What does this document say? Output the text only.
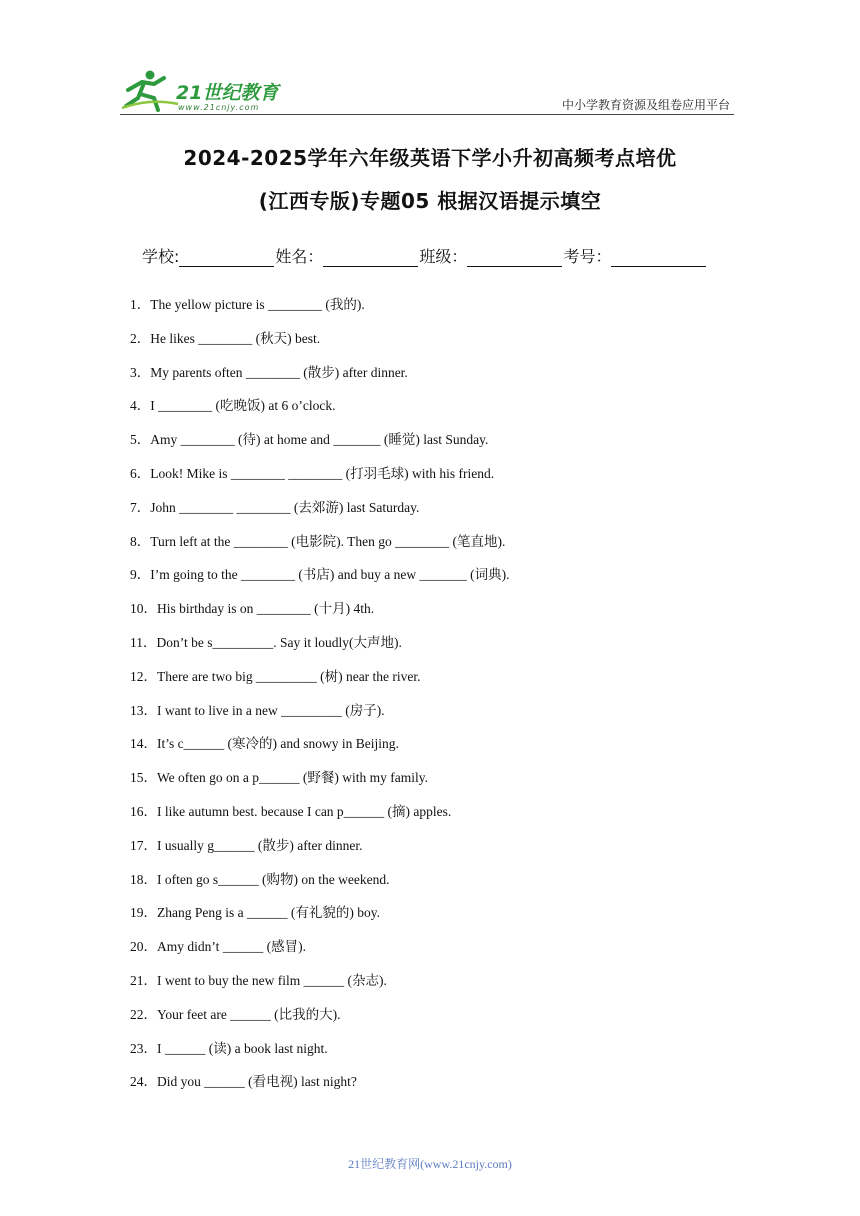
21世纪教育
www.21cnjy.com	中小学教育资源及组卷应用平台
2024-2025学年六年级英语下学小升初高频考点培优
(江西专版)专题05 根据汉语提示填空
学校:	姓名：	班级：	考号：
1．The yellow picture is ________ (我的).
2．He likes ________ (秋天) best.
3．My parents often ________ (散步) after dinner.
4．I ________ (吃晚饭) at 6 o’clock.
5．Amy ________ (待) at home and _______ (睡觉) last Sunday.
6．Look! Mike is ________ ________ (打羽毛球) with his friend.
7．John ________ ________ (去郊游) last Saturday.
8．Turn left at the ________ (电影院). Then go ________ (笔直地).
9．I’m going to the ________ (书店) and buy a new _______ (词典).
10．His birthday is on ________ (十月) 4th.
11．Don’t be s_________. Say it loudly(大声地).
12．There are two big _________ (树) near the river.
13．I want to live in a new _________ (房子).
14．It’s c______ (寒冷的) and snowy in Beijing.
15．We often go on a p______ (野餐) with my family.
16．I like autumn best. because I can p______ (摘) apples.
17．I usually g______ (散步) after dinner.
18．I often go s______ (购物) on the weekend.
19．Zhang Peng is a ______ (有礼貌的) boy.
20．Amy didn’t ______ (感冒).
21．I went to buy the new film ______ (杂志).
22．Your feet are ______ (比我的大).
23．I ______ (读) a book last night.
24．Did you ______ (看电视) last night?
21世纪教育网(www.21cnjy.com)
